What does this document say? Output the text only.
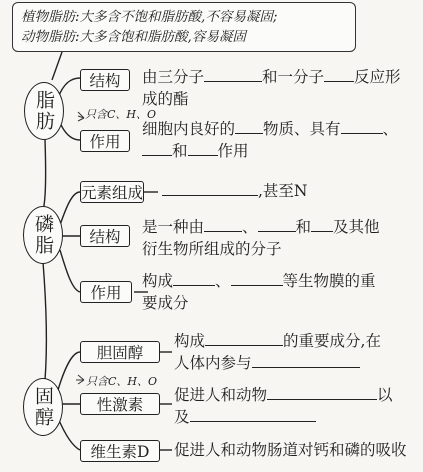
植物脂肪:大多含不饱和脂肪酸,不容易凝固;
动物脂肪:大多含饱和脂肪酸,容易凝固
脂肪
结构 由三分子	和一分子 反应形
成的酯
只含C、H、O
作用
细胞内良好的 物质、具有	、
和 作用
磷脂
元素组成	,甚至N
结构
是一种由 、 和 及其他
衍生物所组成的分子
作用
构成	、	等生物膜的重
要成分
固醇
只含C、H、O
胆固醇
构成	的重要成分,在
人体内参与
性激素
促进人和动物	以
及
维生素D 促进人和动物肠道对钙和磷的吸收
